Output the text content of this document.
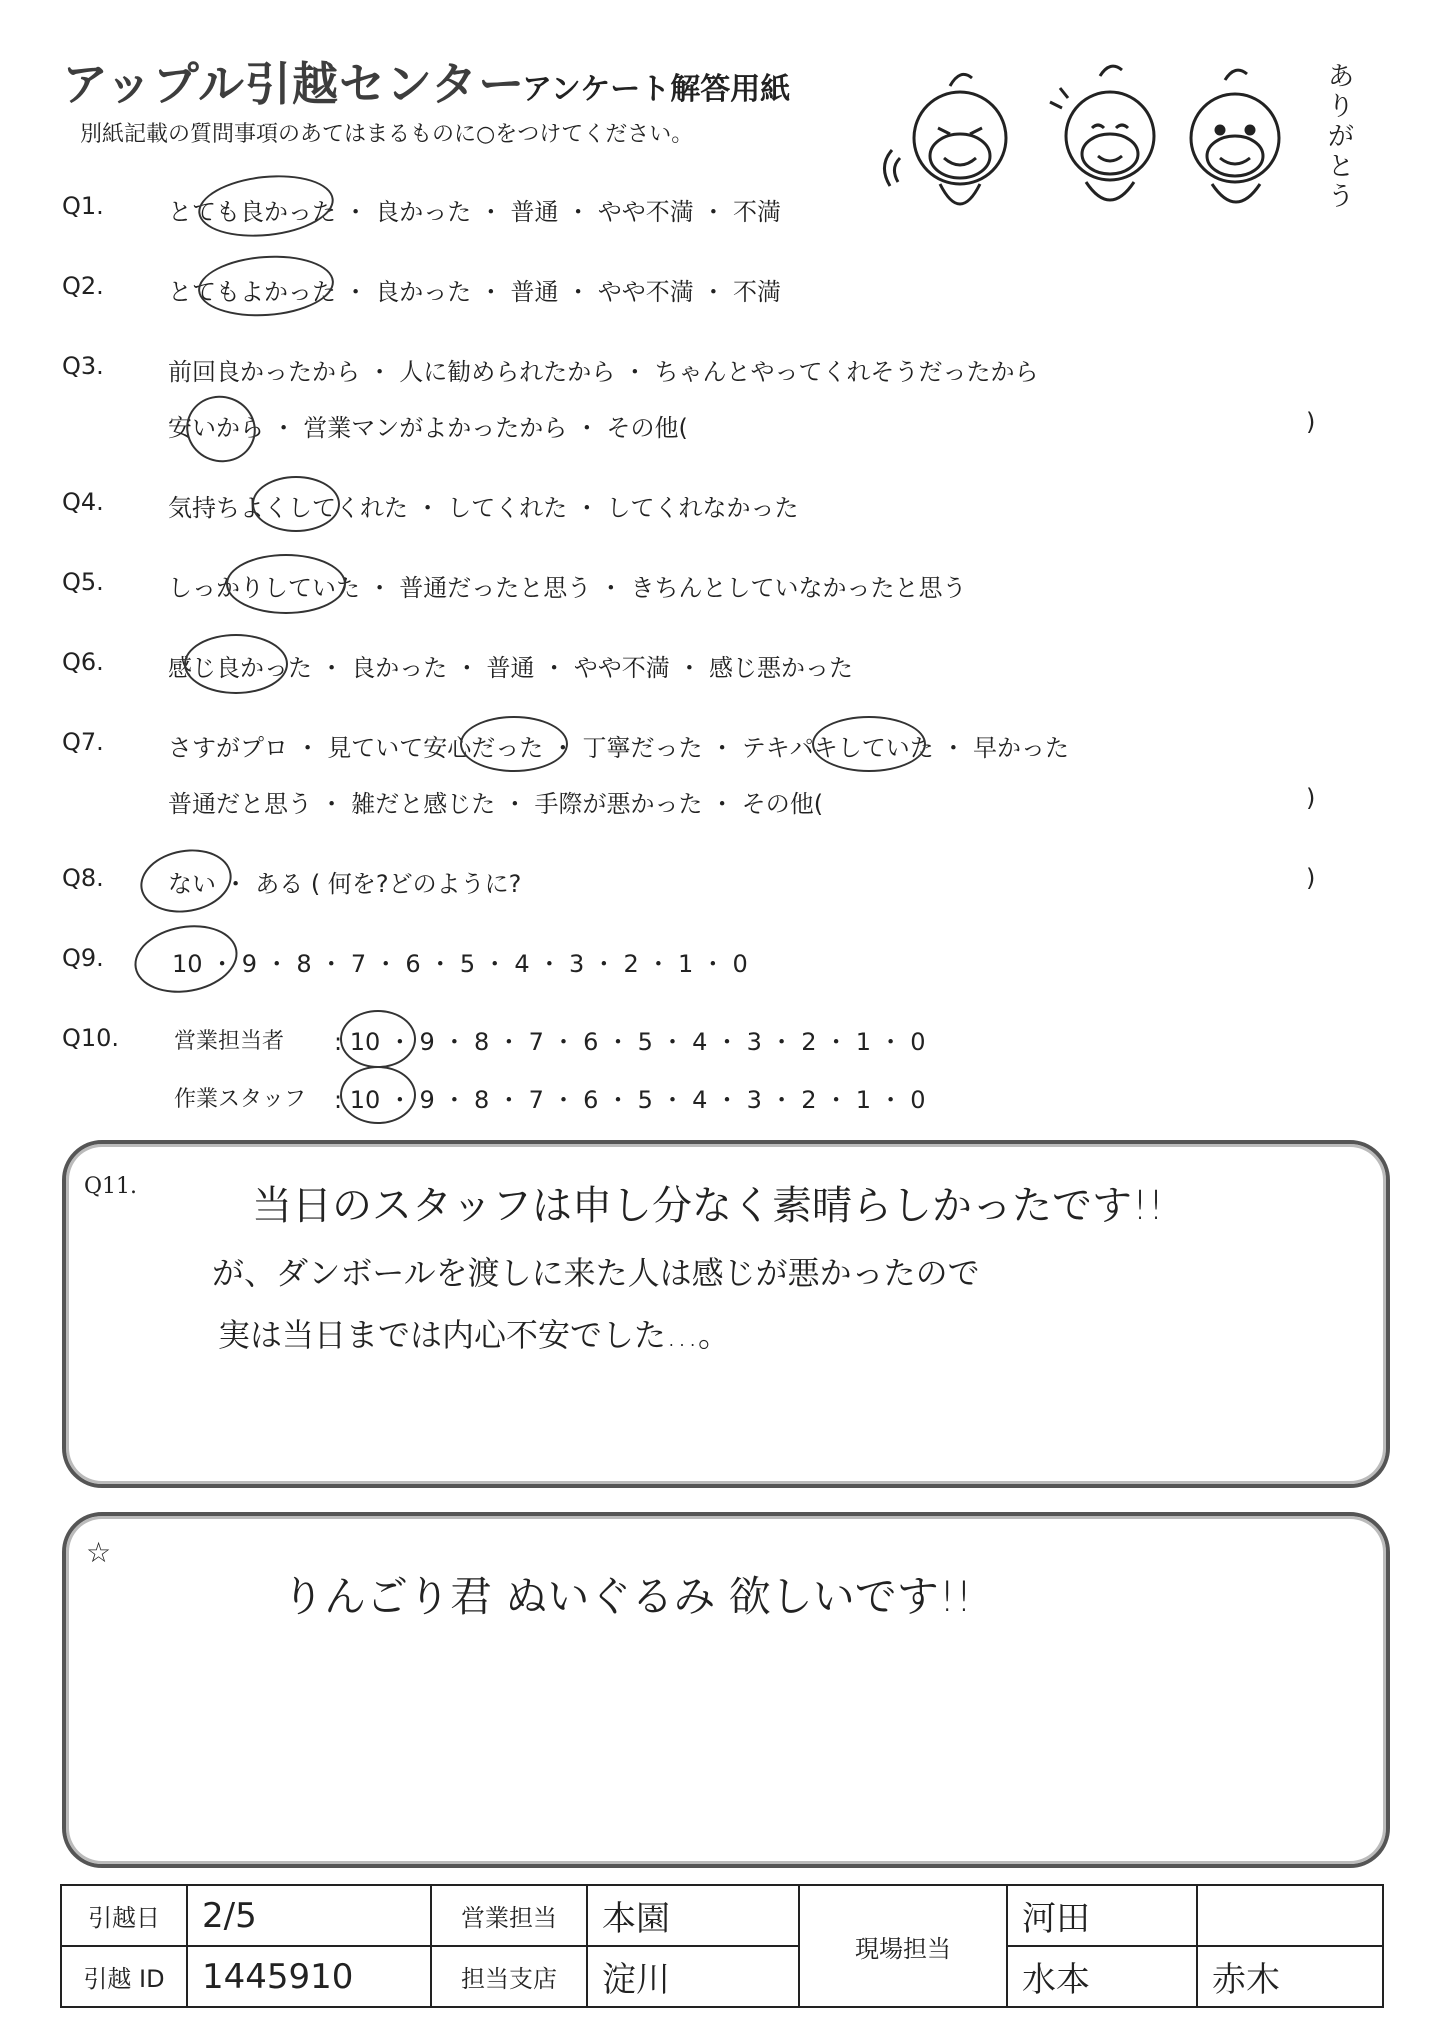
アップル引越センター
アンケート解答用紙
別紙記載の質問事項のあてはまるものに○をつけてください。
ありがとう
Q1.	とても良かった ・ 良かった ・ 普通 ・ やや不満 ・ 不満
Q2.	とてもよかった ・ 良かった ・ 普通 ・ やや不満 ・ 不満
Q3.	前回良かったから ・ 人に勧められたから ・ ちゃんとやってくれそうだったから
安いから ・ 営業マンがよかったから ・ その他(	)
Q4.	気持ちよくしてくれた ・ してくれた ・ してくれなかった
Q5.	しっかりしていた ・ 普通だったと思う ・ きちんとしていなかったと思う
Q6.	感じ良かった ・ 良かった ・ 普通 ・ やや不満 ・ 感じ悪かった
Q7.	さすがプロ ・ 見ていて安心だった ・ 丁寧だった ・ テキパキしていた ・ 早かった
普通だと思う ・ 雑だと感じた ・ 手際が悪かった ・ その他(	)
Q8.	ない ・ ある ( 何を?どのように?	)
Q9.	10 ・ 9 ・ 8 ・ 7 ・ 6 ・ 5 ・ 4 ・ 3 ・ 2 ・ 1 ・ 0
Q10. 営業担当者 : 10 ・ 9 ・ 8 ・ 7 ・ 6 ・ 5 ・ 4 ・ 3 ・ 2 ・ 1 ・ 0
作業スタッフ : 10 ・ 9 ・ 8 ・ 7 ・ 6 ・ 5 ・ 4 ・ 3 ・ 2 ・ 1 ・ 0
Q11.	当日のスタッフは申し分なく素晴らしかったです!!
が、ダンボールを渡しに来た人は感じが悪かったので
実は当日までは内心不安でした…。
☆
りんごり君 ぬいぐるみ 欲しいです!!
引越日	2/5	営業担当	本園	現場担当	河田	
引越 ID	1445910	担当支店	淀川		水本	赤木
